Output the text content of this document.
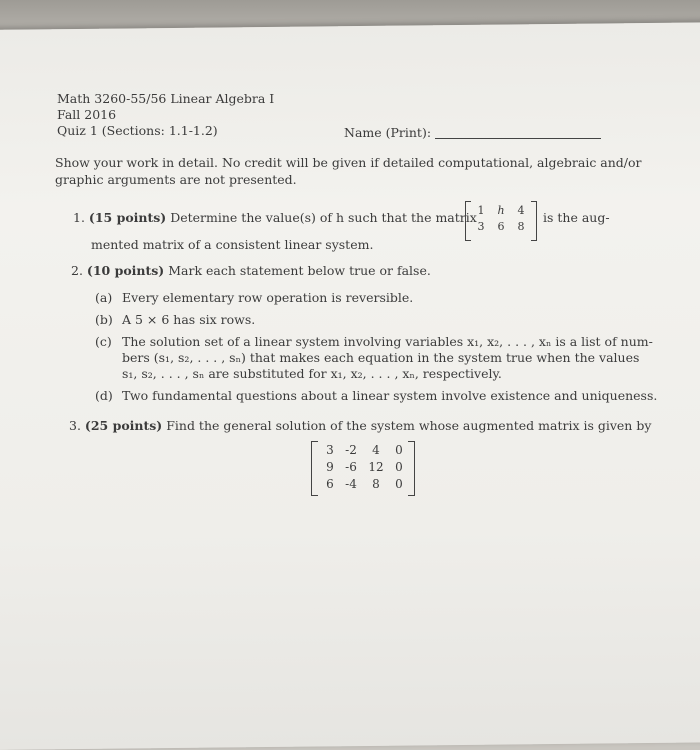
Math 3260-55/56 Linear Algebra I
Fall 2016
Quiz 1 (Sections: 1.1-1.2)	Name (Print):
Show your work in detail. No credit will be given if detailed computational, algebraic and/or
graphic arguments are not presented.
1. (15 points) Determine the value(s) of h such that the matrix 1	h	4
3	6	8
is the aug-
mented matrix of a consistent linear system.
2. (10 points) Mark each statement below true or false.
(a) Every elementary row operation is reversible.
(b) A 5 × 6 has six rows.
(c) The solution set of a linear system involving variables x₁, x₂, . . . , xₙ is a list of num-
bers (s₁, s₂, . . . , sₙ) that makes each equation in the system true when the values
s₁, s₂, . . . , sₙ are substituted for x₁, x₂, . . . , xₙ, respectively.
(d) Two fundamental questions about a linear system involve existence and uniqueness.
3. (25 points) Find the general solution of the system whose augmented matrix is given by
3 -2	4	0
9 -6 12 0
6 -4	8	0
